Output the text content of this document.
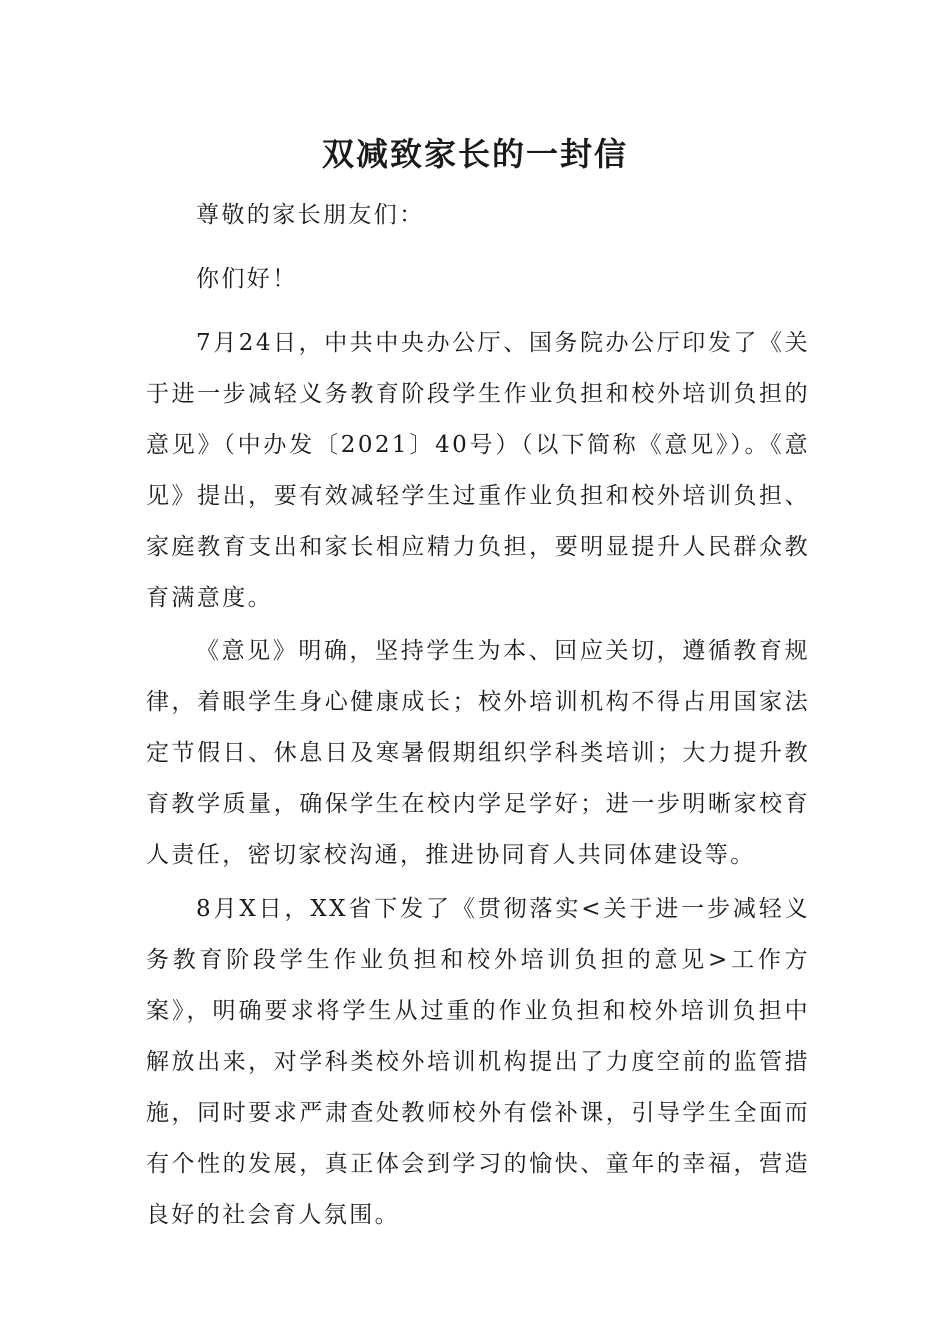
双减致家长的一封信

尊敬的家长朋友们：

你们好！

7月24日，中共中央办公厅、国务院办公厅印发了《关于进一步减轻义务教育阶段学生作业负担和校外培训负担的意见》（中办发〔2021〕40号）（以下简称《意见》）。《意见》提出，要有效减轻学生过重作业负担和校外培训负担、家庭教育支出和家长相应精力负担，要明显提升人民群众教育满意度。

《意见》明确，坚持学生为本、回应关切，遵循教育规律，着眼学生身心健康成长；校外培训机构不得占用国家法定节假日、休息日及寒暑假期组织学科类培训；大力提升教育教学质量，确保学生在校内学足学好；进一步明晰家校育人责任，密切家校沟通，推进协同育人共同体建设等。

8月X日，XX省下发了《贯彻落实<关于进一步减轻义务教育阶段学生作业负担和校外培训负担的意见>工作方案》，明确要求将学生从过重的作业负担和校外培训负担中解放出来，对学科类校外培训机构提出了力度空前的监管措施，同时要求严肃查处教师校外有偿补课，引导学生全面而有个性的发展，真正体会到学习的愉快、童年的幸福，营造良好的社会育人氛围。
